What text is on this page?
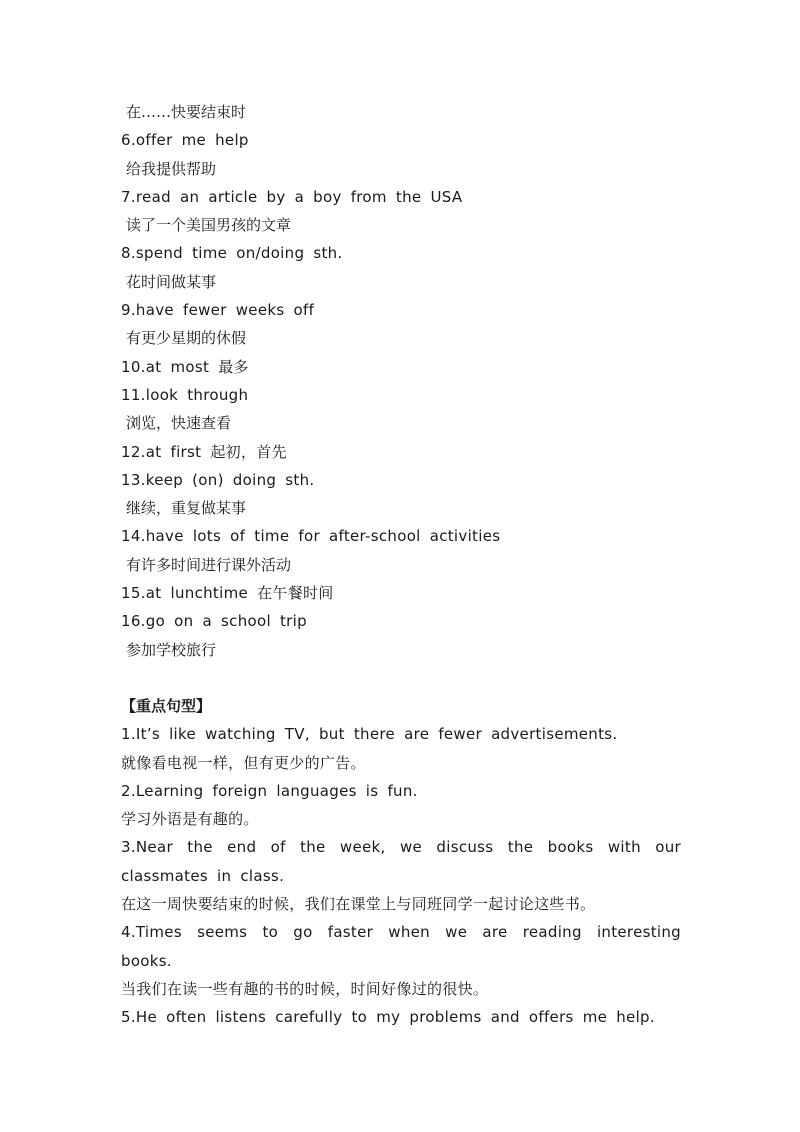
在……快要结束时
6.offer me help
给我提供帮助
7.read an article by a boy from the USA
读了一个美国男孩的文章
8.spend time on/doing sth.
花时间做某事
9.have fewer weeks off
有更少星期的休假
10.at most 最多
11.look through
浏览，快速查看
12.at first 起初，首先
13.keep (on) doing sth.
继续，重复做某事
14.have lots of time for after-school activities
有许多时间进行课外活动
15.at lunchtime 在午餐时间
16.go on a school trip
参加学校旅行
【重点句型】
1.It’s like watching TV, but there are fewer advertisements.
就像看电视一样，但有更少的广告。
2.Learning foreign languages is fun.
学习外语是有趣的。
3.Near the end of the week, we discuss the books with our classmates in class.
在这一周快要结束的时候，我们在课堂上与同班同学一起讨论这些书。
4.Times seems to go faster when we are reading interesting books.
当我们在读一些有趣的书的时候，时间好像过的很快。
5.He often listens carefully to my problems and offers me help.
